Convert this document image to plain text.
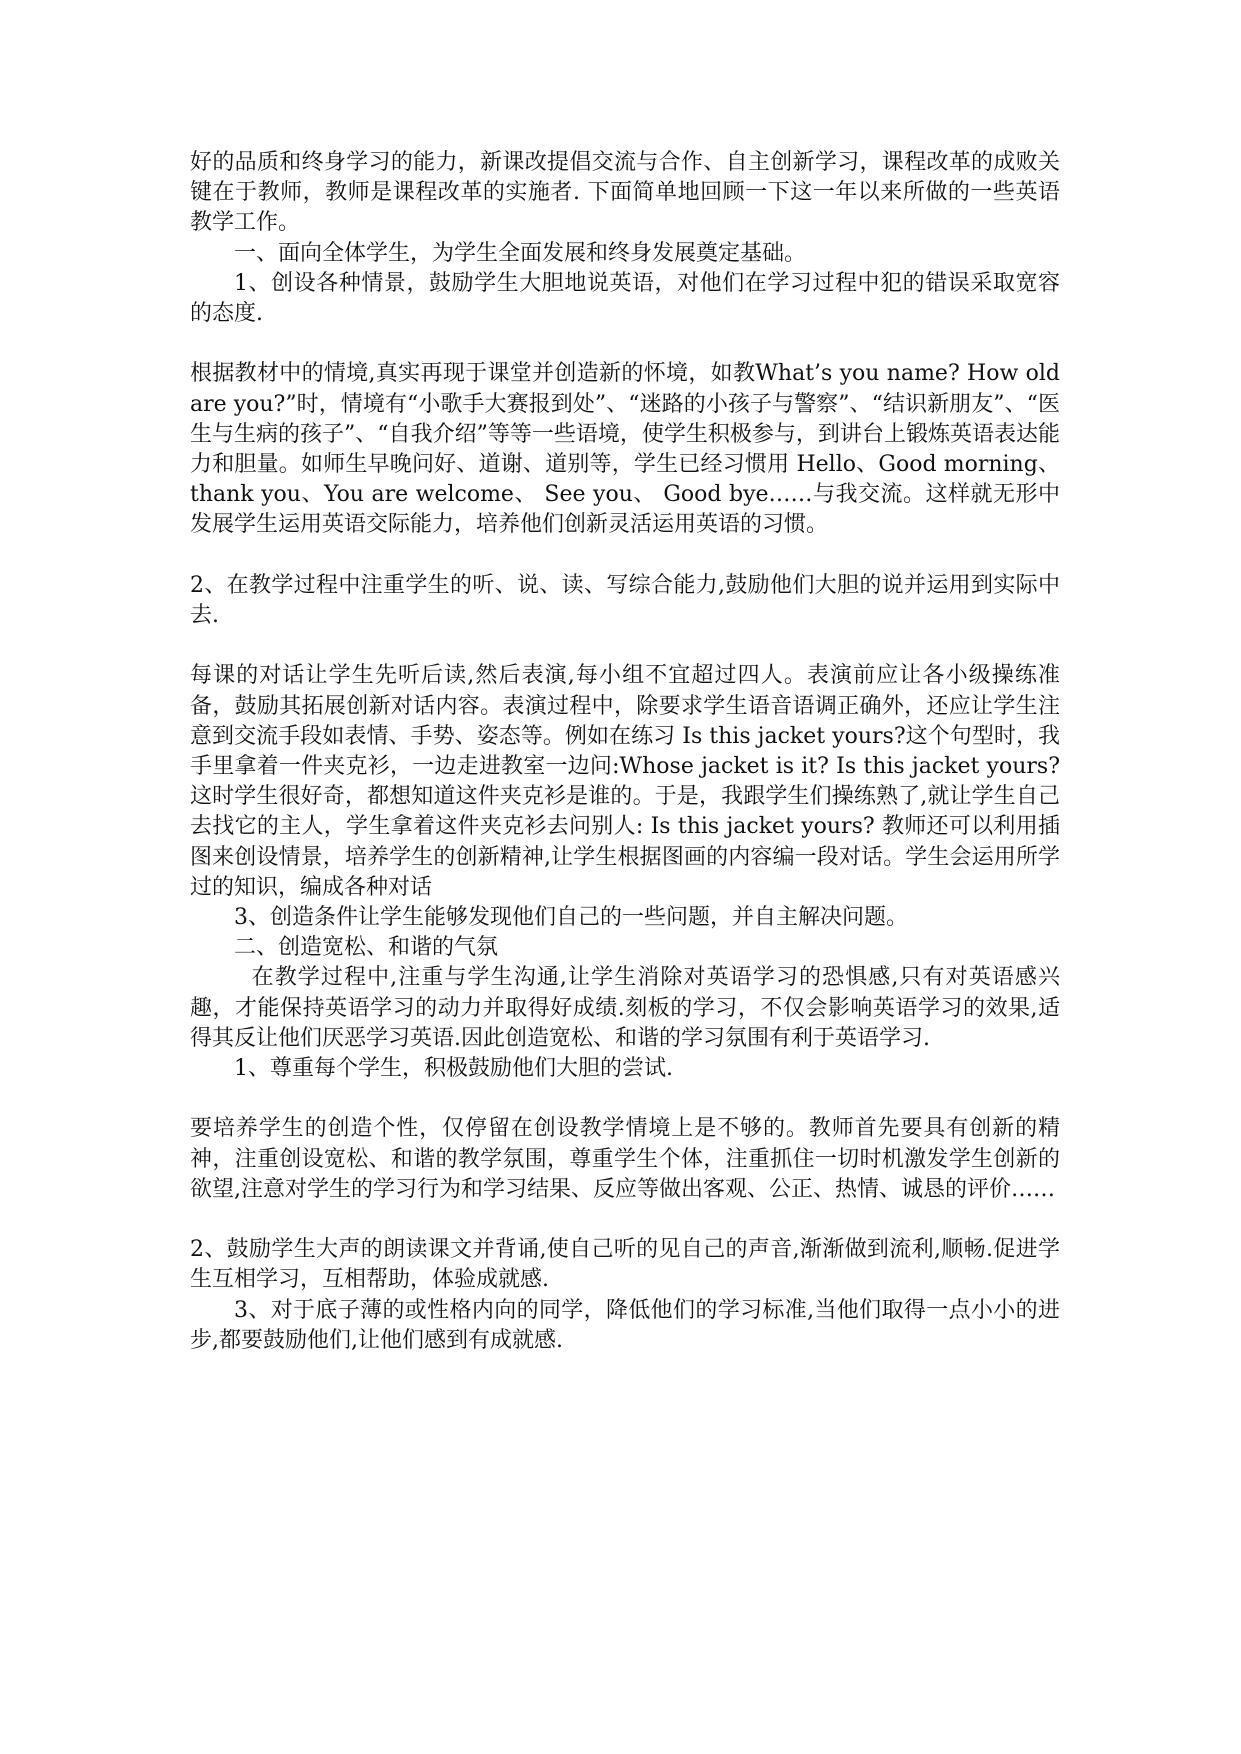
好的品质和终身学习的能力，新课改提倡交流与合作、自主创新学习，课程改革的成败关键在于教师，教师是课程改革的实施者. 下面简单地回顾一下这一年以来所做的一些英语教学工作。

一、面向全体学生，为学生全面发展和终身发展奠定基础。

1、创设各种情景，鼓励学生大胆地说英语，对他们在学习过程中犯的错误采取宽容的态度.

根据教材中的情境,真实再现于课堂并创造新的怀境，如教What’s you name? How old are you?”时，情境有“小歌手大赛报到处”、“迷路的小孩子与警察”、“结识新朋友”、“医生与生病的孩子”、“自我介绍”等等一些语境，使学生积极参与，到讲台上锻炼英语表达能力和胆量。如师生早晚问好、道谢、道别等，学生已经习惯用 Hello、Good morning、 thank you、You are welcome、 See you、 Good bye……与我交流。这样就无形中发展学生运用英语交际能力，培养他们创新灵活运用英语的习惯。

2、在教学过程中注重学生的听、说、读、写综合能力,鼓励他们大胆的说并运用到实际中去.

每课的对话让学生先听后读,然后表演,每小组不宜超过四人。表演前应让各小级操练准备，鼓励其拓展创新对话内容。表演过程中，除要求学生语音语调正确外，还应让学生注意到交流手段如表情、手势、姿态等。例如在练习 Is this jacket yours?这个句型时，我手里拿着一件夹克衫，一边走进教室一边问:Whose jacket is it? Is this jacket yours?这时学生很好奇，都想知道这件夹克衫是谁的。于是，我跟学生们操练熟了,就让学生自己去找它的主人，学生拿着这件夹克衫去问别人: Is this jacket yours? 教师还可以利用插图来创设情景，培养学生的创新精神,让学生根据图画的内容编一段对话。学生会运用所学过的知识，编成各种对话

3、创造条件让学生能够发现他们自己的一些问题，并自主解决问题。

二、创造宽松、和谐的气氛

在教学过程中,注重与学生沟通,让学生消除对英语学习的恐惧感,只有对英语感兴趣，才能保持英语学习的动力并取得好成绩.刻板的学习，不仅会影响英语学习的效果,适得其反让他们厌恶学习英语.因此创造宽松、和谐的学习氛围有利于英语学习.

1、尊重每个学生，积极鼓励他们大胆的尝试.

要培养学生的创造个性，仅停留在创设教学情境上是不够的。教师首先要具有创新的精神，注重创设宽松、和谐的教学氛围，尊重学生个体，注重抓住一切时机激发学生创新的欲望,注意对学生的学习行为和学习结果、反应等做出客观、公正、热情、诚恳的评价……

2、鼓励学生大声的朗读课文并背诵,使自己听的见自己的声音,渐渐做到流利,顺畅.促进学生互相学习，互相帮助，体验成就感.

3、对于底子薄的或性格内向的同学，降低他们的学习标准,当他们取得一点小小的进步,都要鼓励他们,让他们感到有成就感.
